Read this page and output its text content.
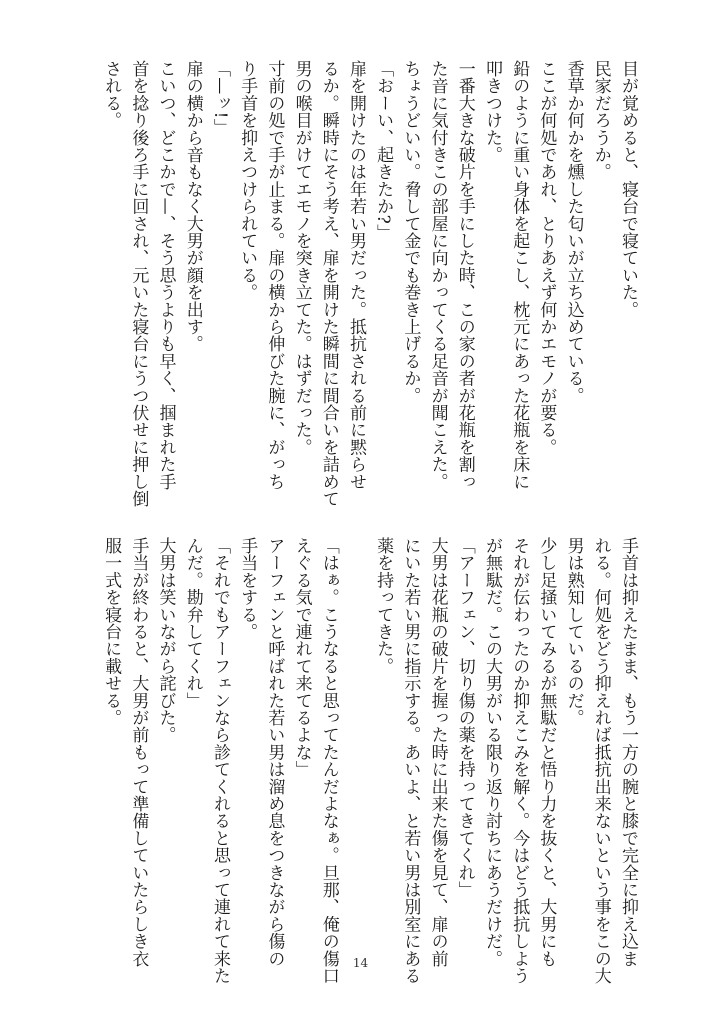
目が覚めると、寝台で寝ていた。

民家だろうか。

香草か何かを燻した匂いが立ち込めている。

ここが何処であれ、とりあえず何かエモノが要る。

鉛のように重い身体を起こし、枕元にあった花瓶を床に

叩きつけた。

一番大きな破片を手にした時、この家の者が花瓶を割っ

た音に気付きこの部屋に向かってくる足音が聞こえた。

ちょうどいい。脅して金でも巻き上げるか。

「おーい、起きたか?」

扉を開けたのは年若い男だった。抵抗される前に黙らせ

るか。瞬時にそう考え、扉を開けた瞬間に間合いを詰めて

男の喉目がけてエモノを突き立てた。はずだった。

寸前の処で手が止まる。扉の横から伸びた腕に、がっち

り手首を抑えつけられている。

「—ッ!」

扉の横から音もなく大男が顔を出す。

こいつ、どこかで—、そう思うよりも早く、掴まれた手

首を捻り後ろ手に回され、元いた寝台にうつ伏せに押し倒

される。

手首は抑えたまま、もう一方の腕と膝で完全に抑え込ま

れる。何処をどう抑えれば抵抗出来ないという事をこの大

男は熟知しているのだ。

少し足掻いてみるが無駄だと悟り力を抜くと、大男にも

それが伝わったのか抑えこみを解く。今はどう抵抗しよう

が無駄だ。この大男がいる限り返り討ちにあうだけだ。

「アーフェン、切り傷の薬を持ってきてくれ」

大男は花瓶の破片を握った時に出来た傷を見て、扉の前

にいた若い男に指示する。あいよ、と若い男は別室にある

薬を持ってきた。

「はぁ。こうなると思ってたんだよなぁ。旦那、俺の傷口

えぐる気で連れて来てるよな」

アーフェンと呼ばれた若い男は溜め息をつきながら傷の

手当をする。

「それでもアーフェンなら診てくれると思って連れて来た

んだ。勘弁してくれ」

大男は笑いながら詫びた。

手当が終わると、大男が前もって準備していたらしき衣

服一式を寝台に載せる。

14
